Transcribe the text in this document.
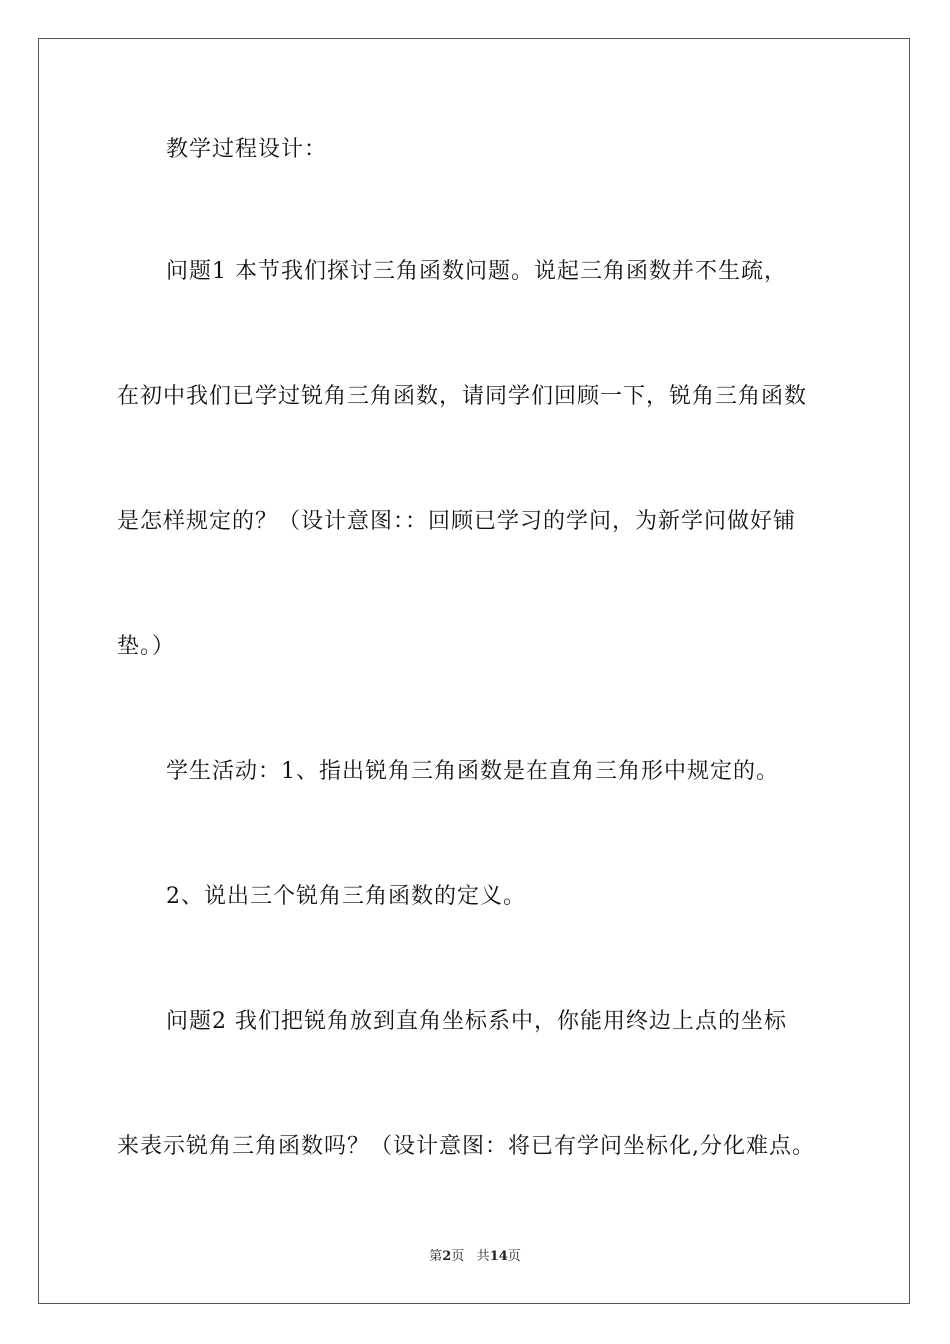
教学过程设计：
问题1 本节我们探讨三角函数问题。说起三角函数并不生疏，
在初中我们已学过锐角三角函数，请同学们回顾一下，锐角三角函数
是怎样规定的？（设计意图：：回顾已学习的学问，为新学问做好铺
垫。）
学生活动：1、指出锐角三角函数是在直角三角形中规定的。
2、说出三个锐角三角函数的定义。
问题2 我们把锐角放到直角坐标系中，你能用终边上点的坐标
来表示锐角三角函数吗？（设计意图：将已有学问坐标化,分化难点。
第2页 共14页
